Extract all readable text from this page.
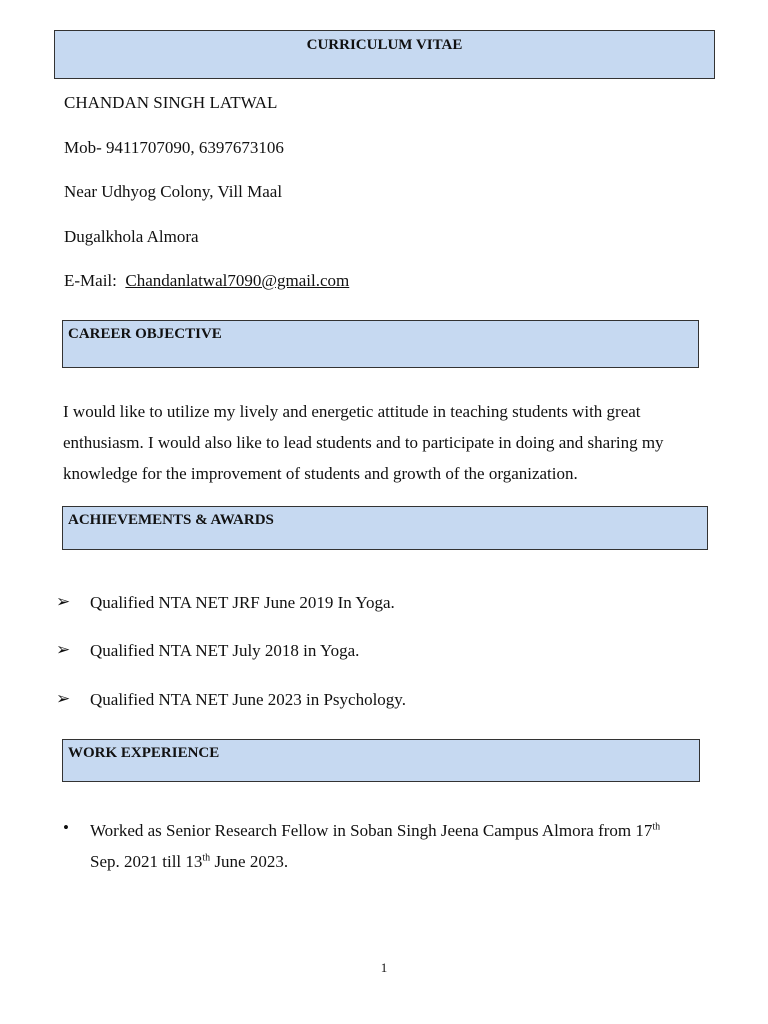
CURRICULUM VITAE
CHANDAN SINGH LATWAL
Mob- 9411707090, 6397673106
Near Udhyog Colony, Vill Maal
Dugalkhola Almora
E-Mail: Chandanlatwal7090@gmail.com
CAREER OBJECTIVE

I would like to utilize my lively and energetic attitude in teaching students with great enthusiasm. I would also like to lead students and to participate in doing and sharing my knowledge for the improvement of students and growth of the organization.

ACHIEVEMENTS & AWARDS
➢ Qualified NTA NET JRF June 2019 In Yoga.
➢ Qualified NTA NET July 2018 in Yoga.
➢ Qualified NTA NET June 2023 in Psychology.
WORK EXPERIENCE
• Worked as Senior Research Fellow in Soban Singh Jeena Campus Almora from 17th
Sep. 2021 till 13th June 2023.

1
